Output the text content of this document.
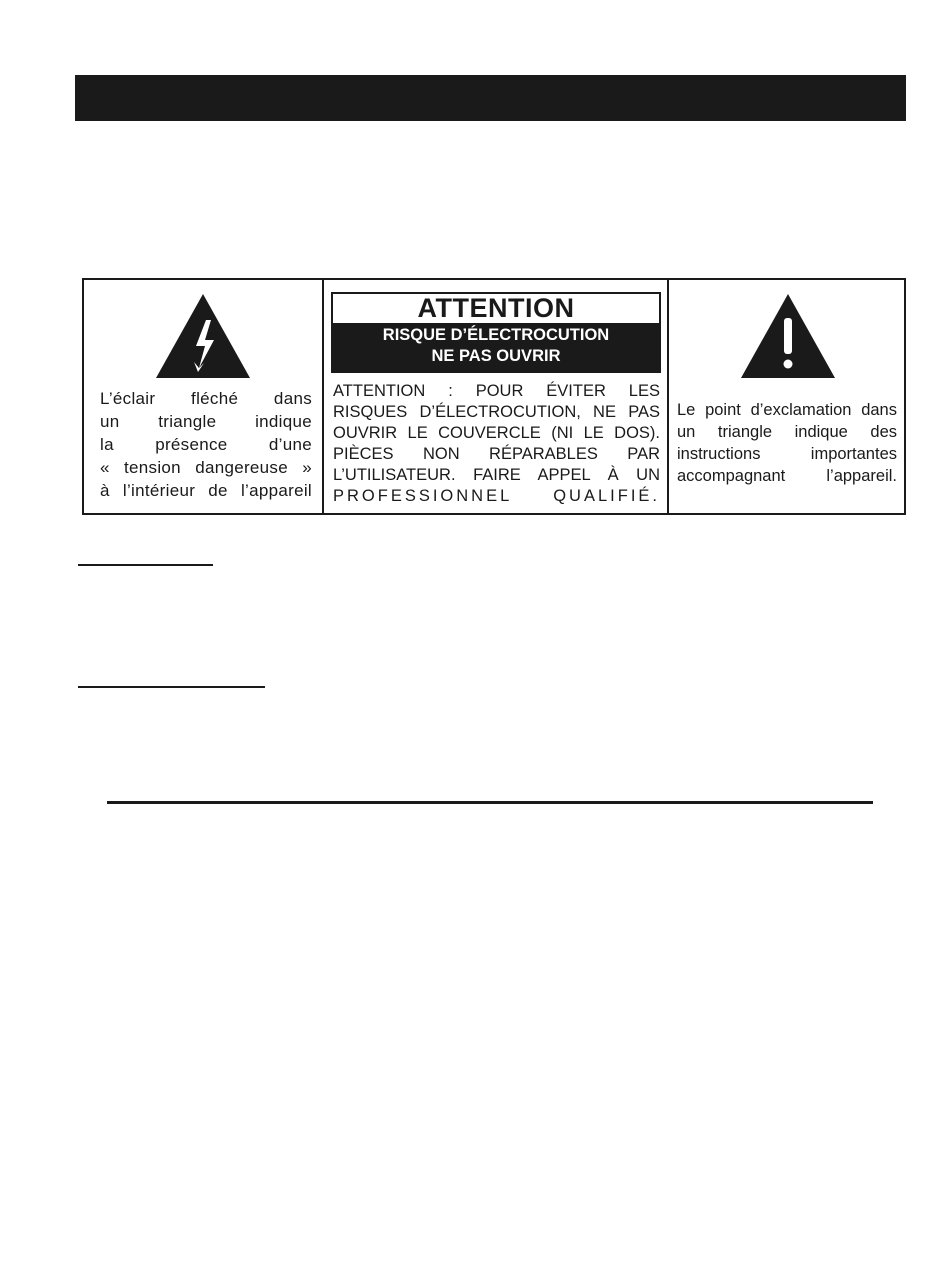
L’éclair fléché dans
un triangle indique
la présence d’une
« tension dangereuse »
à l’intérieur de l’appareil
ATTENTION
RISQUE D’ÉLECTROCUTION
NE PAS OUVRIR
ATTENTION : POUR ÉVITER LES
RISQUES D’ÉLECTROCUTION, NE PAS
OUVRIR LE COUVERCLE (NI LE DOS).
PIÈCES NON RÉPARABLES PAR
L’UTILISATEUR. FAIRE APPEL À UN
PROFESSIONNEL QUALIFIÉ.
Le point d’exclamation dans
un triangle indique des
instructions importantes
accompagnant l’appareil.
